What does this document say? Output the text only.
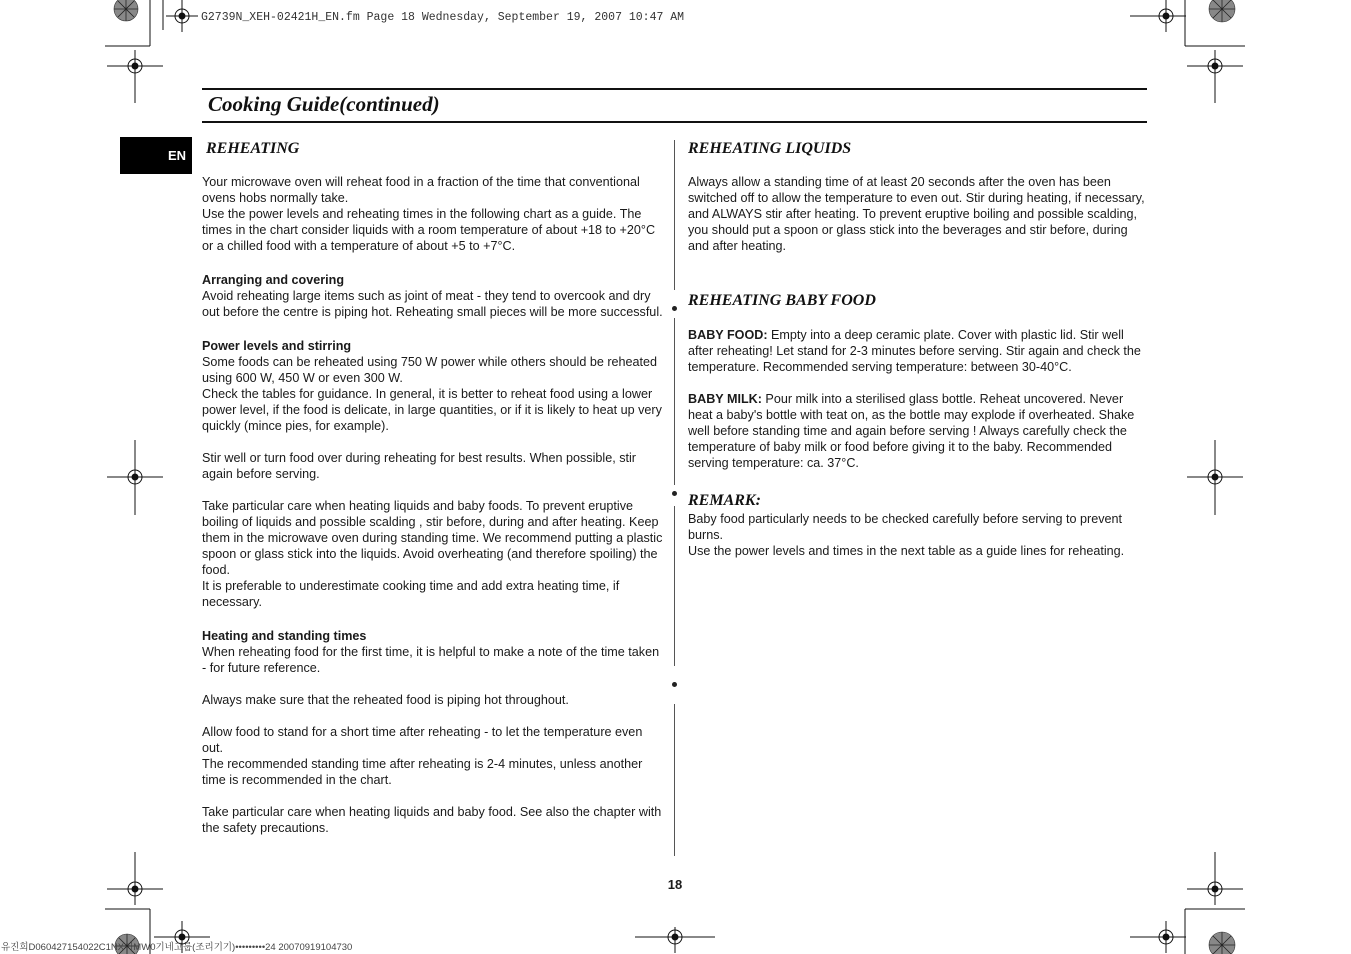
G2739N_XEH-02421H_EN.fm Page 18 Wednesday, September 19, 2007 10:47 AM
Cooking Guide(continued)
EN REHEATING

Your microwave oven will reheat food in a fraction of the time that conventional ovens hobs normally take.

Use the power levels and reheating times in the following chart as a guide. The times in the chart consider liquids with a room temperature of about +18 to +20°C or a chilled food with a temperature of about +5 to +7°C.

Arranging and covering

Avoid reheating large items such as joint of meat - they tend to overcook and dry out before the centre is piping hot. Reheating small pieces will be more successful.

Power levels and stirring

Some foods can be reheated using 750 W power while others should be reheated using 600 W, 450 W or even 300 W.

Check the tables for guidance. In general, it is better to reheat food using a lower power level, if the food is delicate, in large quantities, or if it is likely to heat up very quickly (mince pies, for example).

Stir well or turn food over during reheating for best results. When possible, stir again before serving.

Take particular care when heating liquids and baby foods. To prevent eruptive boiling of liquids and possible scalding , stir before, during and after heating. Keep them in the microwave oven during standing time. We recommend putting a plastic spoon or glass stick into the liquids. Avoid overheating (and therefore spoiling) the food.

It is preferable to underestimate cooking time and add extra heating time, if necessary.

Heating and standing times

When reheating food for the first time, it is helpful to make a note of the time taken - for future reference.

Always make sure that the reheated food is piping hot throughout.

Allow food to stand for a short time after reheating - to let the temperature even out.

The recommended standing time after reheating is 2-4 minutes, unless another time is recommended in the chart.

Take particular care when heating liquids and baby food. See also the chapter with the safety precautions.

REHEATING LIQUIDS
Always allow a standing time of at least 20 seconds after the oven has been switched off to allow the temperature to even out. Stir during heating, if necessary, and ALWAYS stir after heating. To prevent eruptive boiling and possible scalding, you should put a spoon or glass stick into the beverages and stir before, during and after heating.
REHEATING BABY FOOD

BABY FOOD: Empty into a deep ceramic plate. Cover with plastic lid. Stir well after reheating! Let stand for 2-3 minutes before serving. Stir again and check the temperature. Recommended serving temperature: between 30-40°C.

BABY MILK: Pour milk into a sterilised glass bottle. Reheat uncovered. Never heat a baby's bottle with teat on, as the bottle may explode if overheated. Shake well before standing time and again before serving ! Always carefully check the temperature of baby milk or food before giving it to the baby. Recommended serving temperature: ca. 37°C.

REMARK:

Baby food particularly needs to be checked carefully before serving to prevent burns.

Use the power levels and times in the next table as a guide lines for reheating.

18
유진희D060427154022C1NX이MW0기네고룹(조리기기)•••••••••24 20070919104730
